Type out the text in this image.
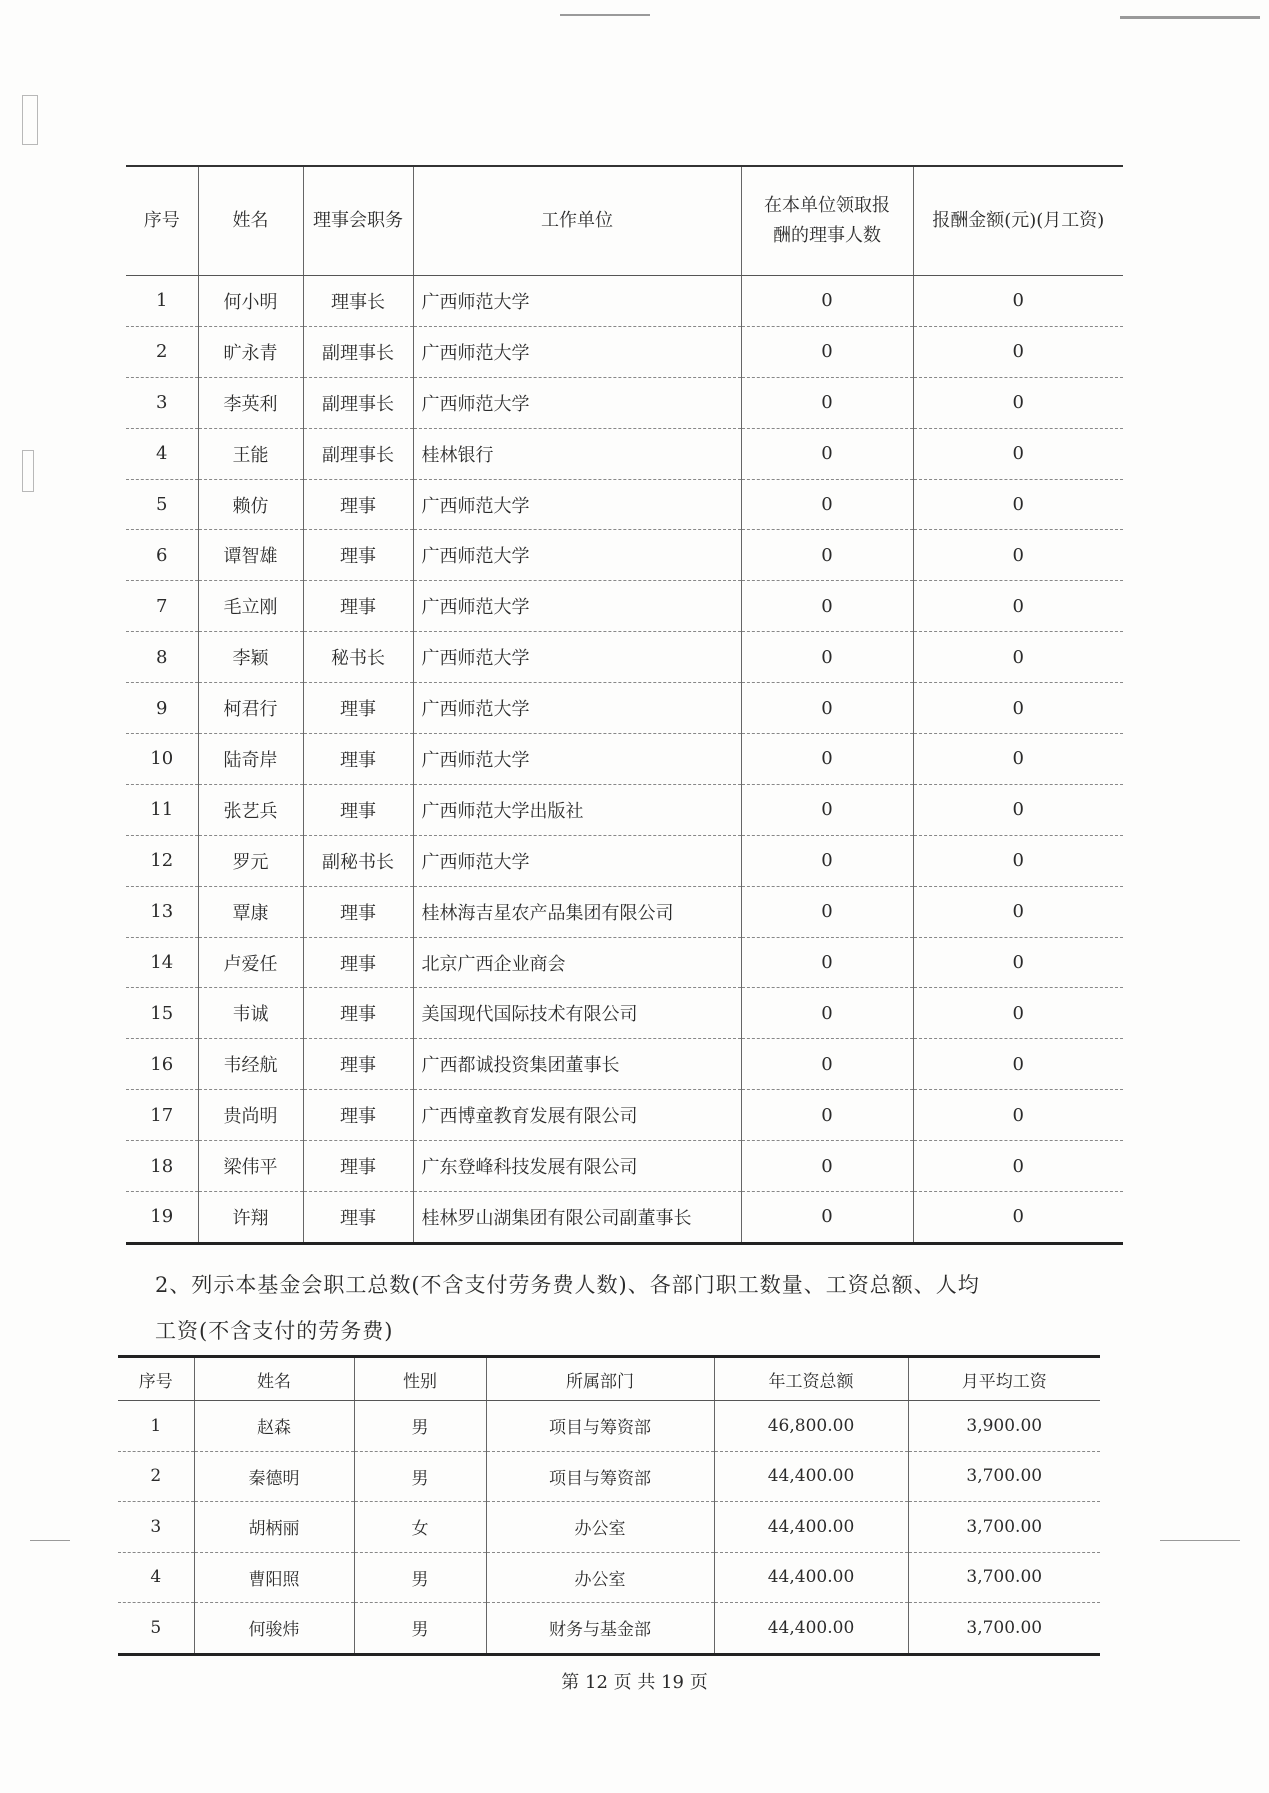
序号	姓名	理事会职务	工作单位	在本单位领取报
酬的理事人数	报酬金额(元)(月工资)
1	何小明	理事长	广西师范大学	0	0
2	旷永青	副理事长	广西师范大学	0	0
3	李英利	副理事长	广西师范大学	0	0
4	王能	副理事长	桂林银行	0	0
5	赖仿	理事	广西师范大学	0	0
6	谭智雄	理事	广西师范大学	0	0
7	毛立刚	理事	广西师范大学	0	0
8	李颖	秘书长	广西师范大学	0	0
9	柯君行	理事	广西师范大学	0	0
10	陆奇岸	理事	广西师范大学	0	0
11	张艺兵	理事	广西师范大学出版社	0	0
12	罗元	副秘书长	广西师范大学	0	0
13	覃康	理事	桂林海吉星农产品集团有限公司	0	0
14	卢爱任	理事	北京广西企业商会	0	0
15	韦诚	理事	美国现代国际技术有限公司	0	0
16	韦经航	理事	广西都诚投资集团董事长	0	0
17	贵尚明	理事	广西博童教育发展有限公司	0	0
18	梁伟平	理事	广东登峰科技发展有限公司	0	0
19	许翔	理事	桂林罗山湖集团有限公司副董事长	0	0
2、列示本基金会职工总数(不含支付劳务费人数)、各部门职工数量、工资总额、人均
工资(不含支付的劳务费)
序号	姓名	性别	所属部门	年工资总额	月平均工资
1	赵森	男	项目与筹资部	46,800.00	3,900.00
2	秦德明	男	项目与筹资部	44,400.00	3,700.00
3	胡柄丽	女	办公室	44,400.00	3,700.00
4	曹阳照	男	办公室	44,400.00	3,700.00
5	何骏炜	男	财务与基金部	44,400.00	3,700.00
第 12 页 共 19 页
